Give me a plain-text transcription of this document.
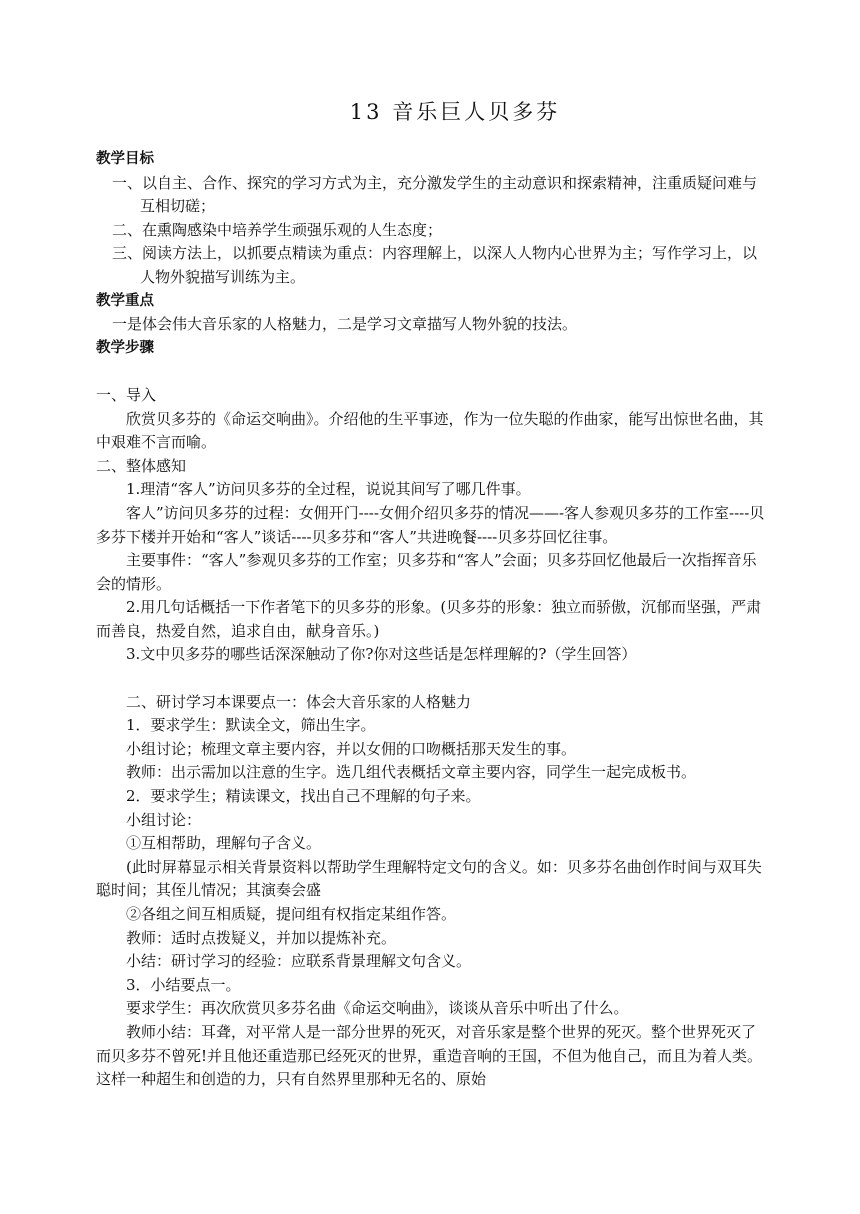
13 音乐巨人贝多芬
教学目标
一、以自主、合作、探究的学习方式为主，充分激发学生的主动意识和探索精神，注重质疑问难与互相切磋；
二、在熏陶感染中培养学生顽强乐观的人生态度；
三、阅读方法上，以抓要点精读为重点：内容理解上，以深人人物内心世界为主；写作学习上，以人物外貌描写训练为主。
教学重点
一是体会伟大音乐家的人格魅力，二是学习文章描写人物外貌的技法。
教学步骤
一、导入
欣赏贝多芬的《命运交响曲》。介绍他的生平事迹，作为一位失聪的作曲家，能写出惊世名曲，其中艰难不言而喻。
二、整体感知
1.理清“客人”访问贝多芬的全过程，说说其间写了哪几件事。
客人”访问贝多芬的过程：女佣开门----女佣介绍贝多芬的情况——-客人参观贝多芬的工作室----贝多芬下楼并开始和“客人”谈话----贝多芬和“客人”共进晚餐----贝多芬回忆往事。
主要事件：“客人”参观贝多芬的工作室；贝多芬和“客人”会面；贝多芬回忆他最后一次指挥音乐会的情形。
2.用几句话概括一下作者笔下的贝多芬的形象。(贝多芬的形象：独立而骄傲，沉郁而坚强，严肃而善良，热爱自然，追求自由，献身音乐。)
3.文中贝多芬的哪些话深深触动了你?你对这些话是怎样理解的?（学生回答）
二、研讨学习本课要点一：体会大音乐家的人格魅力
1．要求学生：默读全文，筛出生字。
小组讨论；梳理文章主要内容，并以女佣的口吻概括那天发生的事。
教师：出示需加以注意的生字。选几组代表概括文章主要内容，同学生一起完成板书。
2．要求学生；精读课文，找出自己不理解的句子来。
小组讨论：
①互相帮助，理解句子含义。
(此时屏幕显示相关背景资料以帮助学生理解特定文句的含义。如：贝多芬名曲创作时间与双耳失聪时间；其侄儿情况；其演奏会盛
②各组之间互相质疑，提问组有权指定某组作答。
教师：适时点拨疑义，并加以提炼补充。
小结：研讨学习的经验：应联系背景理解文句含义。
3．小结要点一。
要求学生：再次欣赏贝多芬名曲《命运交响曲》，谈谈从音乐中听出了什么。
教师小结：耳聋，对平常人是一部分世界的死灭，对音乐家是整个世界的死灭。整个世界死灭了而贝多芬不曾死!并且他还重造那已经死灭的世界，重造音响的王国，不但为他自己，而且为着人类。这样一种超生和创造的力，只有自然界里那种无名的、原始
